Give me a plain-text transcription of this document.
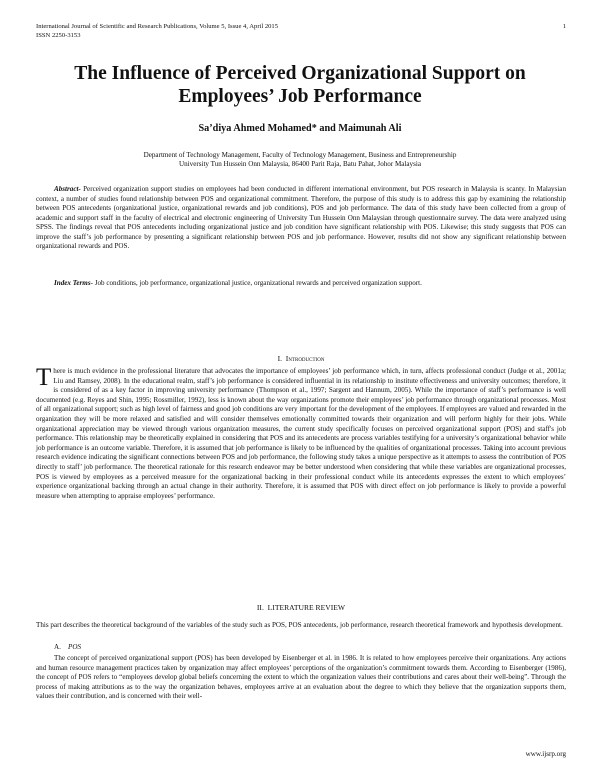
International Journal of Scientific and Research Publications, Volume 5, Issue 4, April 2015
ISSN 2250-3153
1
The Influence of Perceived Organizational Support on Employees’ Job Performance
Sa’diya Ahmed Mohamed* and Maimunah Ali
Department of Technology Management, Faculty of Technology Management, Business and Entrepreneurship
University Tun Hussein Onn Malaysia, 86400 Parit Raja, Batu Pahat, Johor Malaysia

Abstract- Perceived organization support studies on employees had been conducted in different international environment, but POS research in Malaysia is scanty. In Malaysian context, a number of studies found relationship between POS and organizational commitment. Therefore, the purpose of this study is to address this gap by examining the relationship between POS antecedents (organizational justice, organizational rewards and job conditions), POS and job performance. The data of this study have been collected from a group of academic and support staff in the faculty of electrical and electronic engineering of University Tun Hussein Onn Malaysian through questionnaire survey. The data were analyzed using SPSS. The findings reveal that POS antecedents including organizational justice and job condition have significant relationship with POS. Likewise; this study suggests that POS can improve the staff’s job performance by presenting a significant relationship between POS and job performance. However, results did not show any significant relationship between organizational rewards and POS.

Index Terms- Job conditions, job performance, organizational justice, organizational rewards and perceived organization support.

I. Introduction

There is much evidence in the professional literature that advocates the importance of employees’ job performance which, in turn, affects professional conduct (Judge et al., 2001a; Liu and Ramsey, 2008). In the educational realm, staff’s job performance is considered influential in its relationship to institute effectiveness and university outcomes; therefore, it is considered of as a key factor in improving university performance (Thompson et al., 1997; Sargent and Hannum, 2005). While the importance of staff’s performance is well documented (e.g. Reyes and Shin, 1995; Rossmiller, 1992), less is known about the way organizations promote their employees’ job performance through organizational processes. Most of all organizational support; such as high level of fairness and good job conditions are very important for the development of the employees. If employees are valued and rewarded in the organization they will be more relaxed and satisfied and will consider themselves emotionally committed towards their organization and will perform highly for their jobs. While organizational appreciation may be viewed through various organization measures, the current study specifically focuses on perceived organizational support (POS) and staff's job performance. This relationship may be theoretically explained in considering that POS and its antecedents are process variables testifying for a university’s organizational behavior while job performance is an outcome variable. Therefore, it is assumed that job performance is likely to be influenced by the qualities of organizational processes. Taking into account previous research evidence indicating the significant connections between POS and job performance, the following study takes a unique perspective as it attempts to assess the contribution of POS directly to staff’ job performance. The theoretical rationale for this research endeavor may be better understood when considering that while these variables are organizational processes, POS is viewed by employees as a perceived measure for the organizational backing in their professional conduct while its antecedents expresses the extent to which employees’ experience organizational backing through an actual change in their authority. Therefore, it is assumed that POS with direct effect on job performance is likely to provide a powerful measure when attempting to appraise employees’ performance.

II. LITERATURE REVIEW

This part describes the theoretical background of the variables of the study such as POS, POS antecedents, job performance, research theoretical framework and hypothesis development.

A. POS

The concept of perceived organizational support (POS) has been developed by Eisenberger et al. in 1986. It is related to how employees perceive their organizations. Any actions and human resource management practices taken by organization may affect employees’ perceptions of the organization’s commitment towards them. According to Eisenberger (1986), the concept of POS refers to “employees develop global beliefs concerning the extent to which the organization values their contributions and cares about their well-being”. Through the process of making attributions as to the way the organization behaves, employees arrive at an evaluation about the degree to which they believe that the organization supports them, values their contribution, and is concerned with their well-

www.ijsrp.org
